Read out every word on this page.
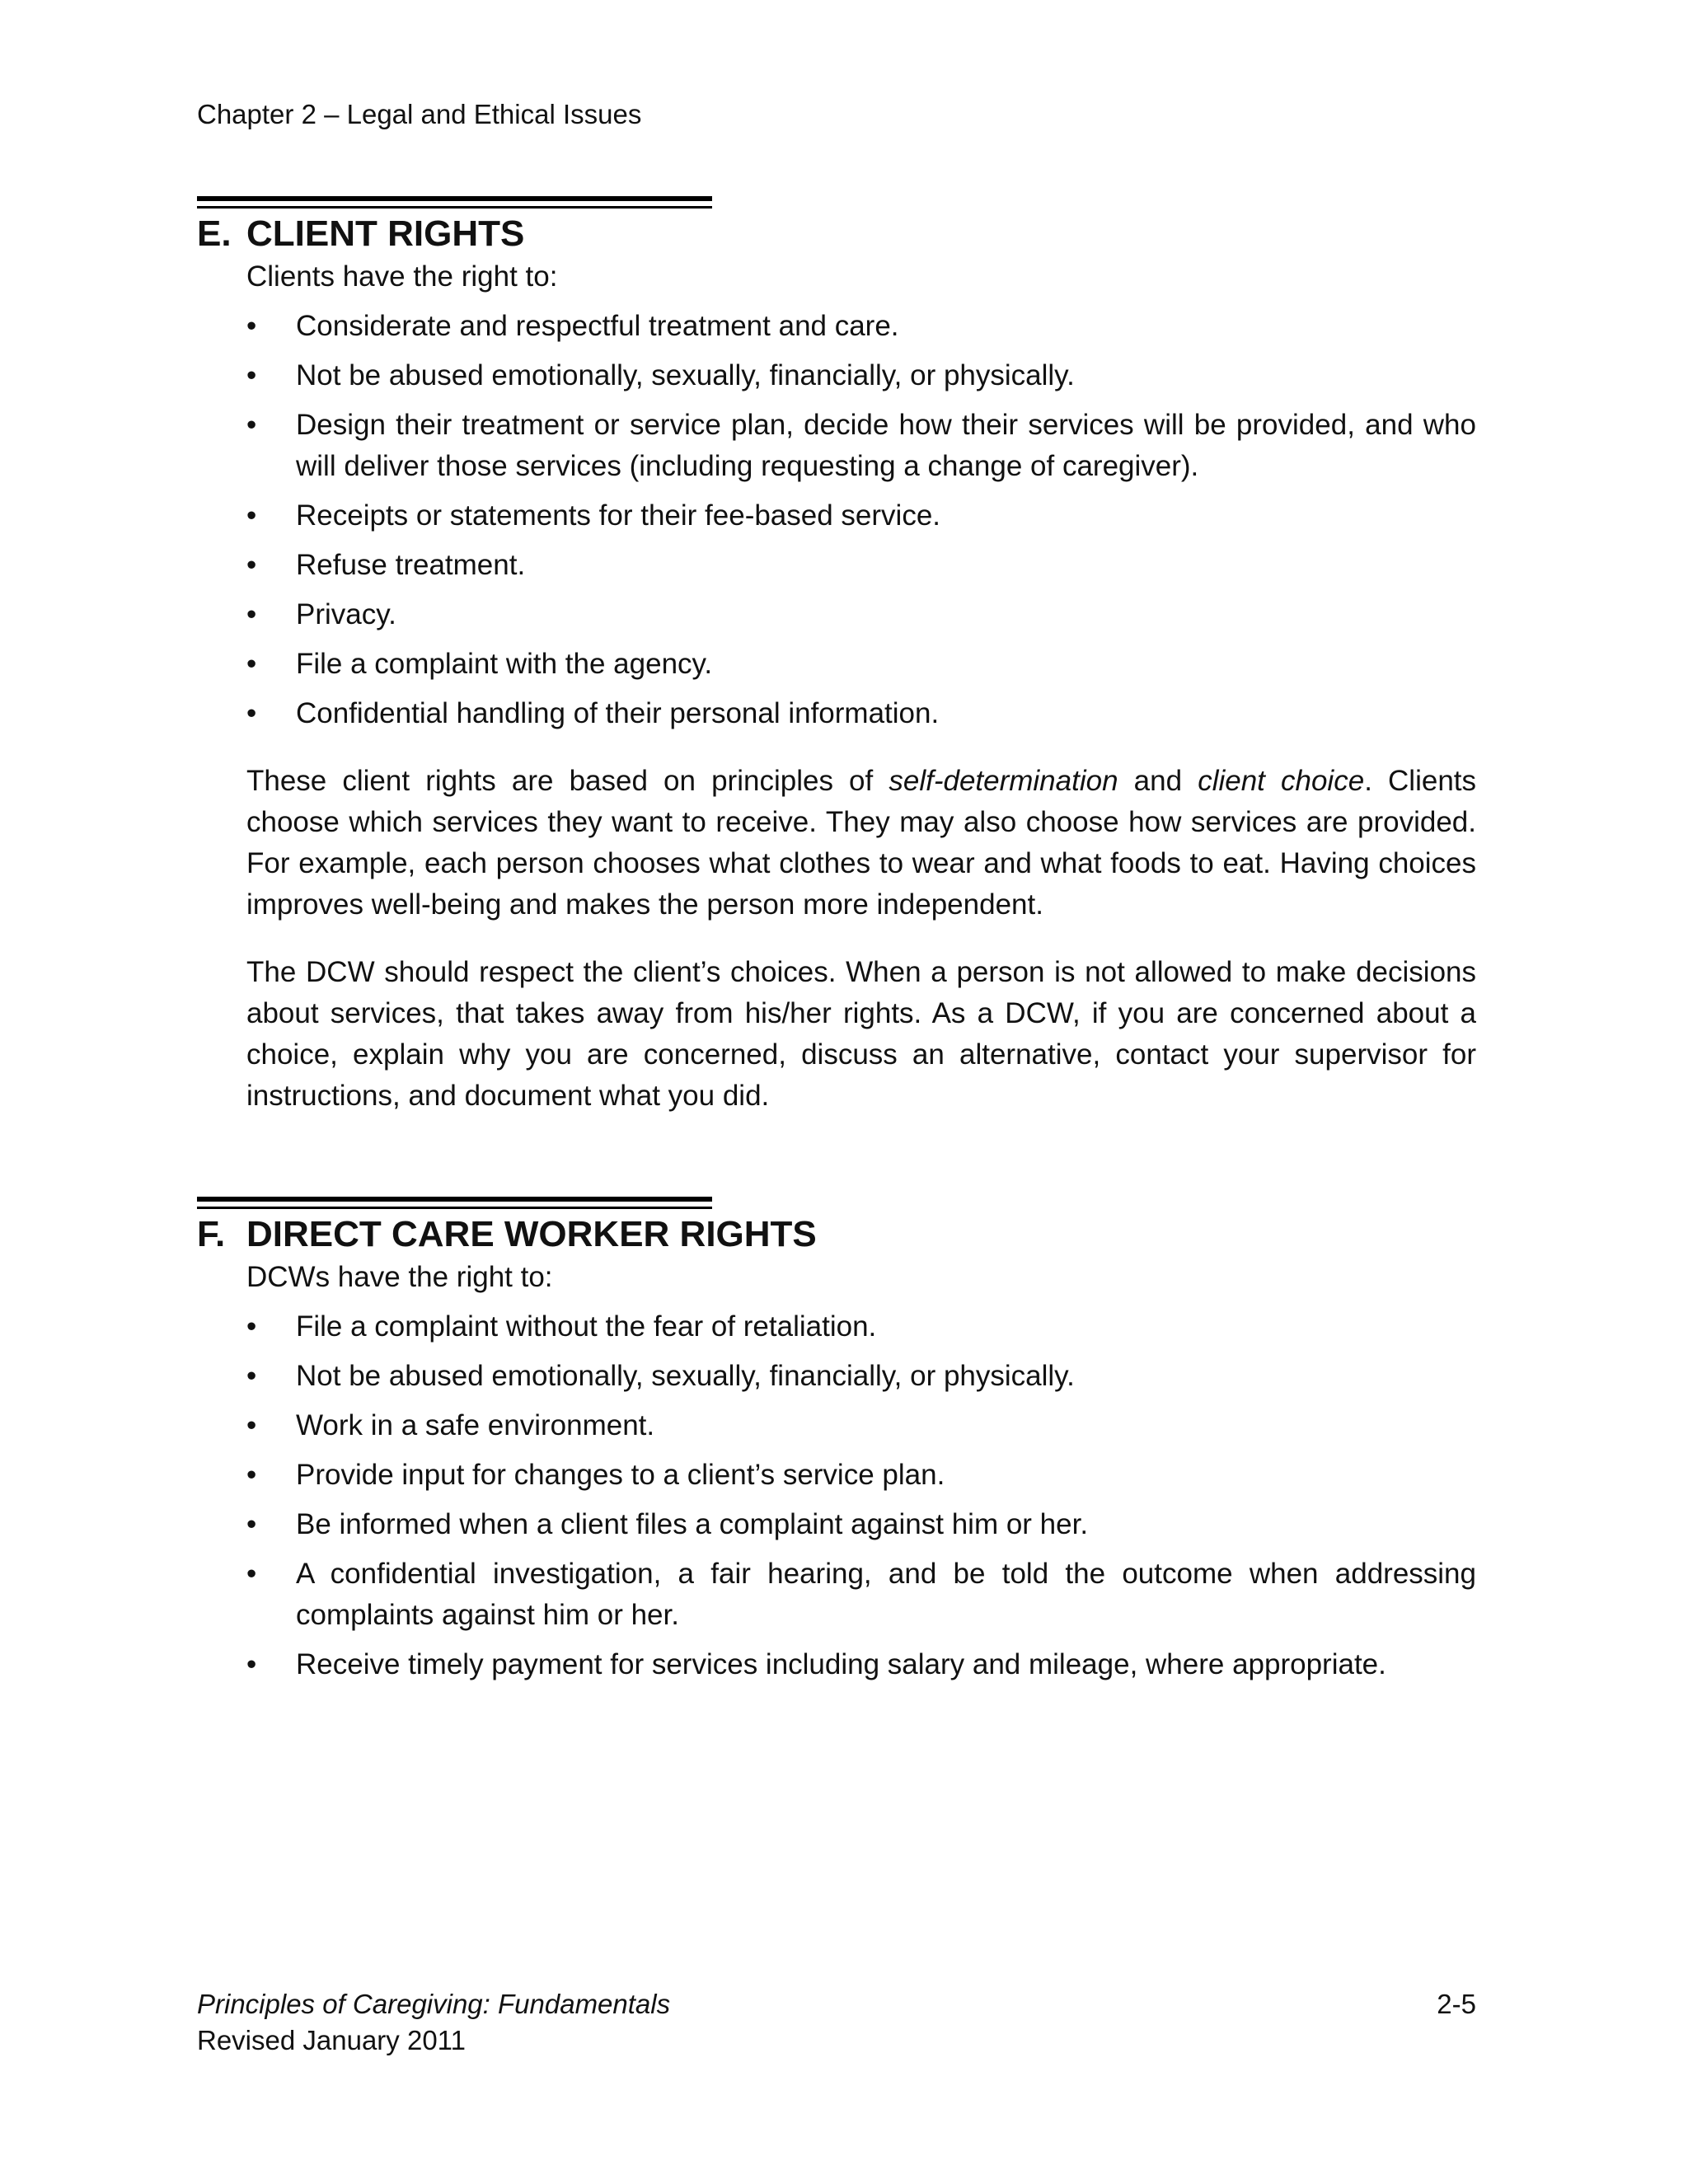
Chapter 2 – Legal and Ethical Issues
E. CLIENT RIGHTS

Clients have the right to:

•	Considerate and respectful treatment and care.
•	Not be abused emotionally, sexually, financially, or physically.
•	Design their treatment or service plan, decide how their services will be provided, and who will deliver those services (including requesting a change of caregiver).
•	Receipts or statements for their fee-based service.
•	Refuse treatment.
•	Privacy.
•	File a complaint with the agency.
•	Confidential handling of their personal information.

These client rights are based on principles of self-determination and client choice. Clients choose which services they want to receive. They may also choose how services are provided. For example, each person chooses what clothes to wear and what foods to eat. Having choices improves well-being and makes the person more independent.

The DCW should respect the client’s choices. When a person is not allowed to make decisions about services, that takes away from his/her rights. As a DCW, if you are concerned about a choice, explain why you are concerned, discuss an alternative, contact your supervisor for instructions, and document what you did.

F. DIRECT CARE WORKER RIGHTS

DCWs have the right to:

•	File a complaint without the fear of retaliation.
•	Not be abused emotionally, sexually, financially, or physically.
•	Work in a safe environment.
•	Provide input for changes to a client’s service plan.
•	Be informed when a client files a complaint against him or her.
•	A confidential investigation, a fair hearing, and be told the outcome when addressing complaints against him or her.
•	Receive timely payment for services including salary and mileage, where appropriate.
Principles of Caregiving: Fundamentals
Revised January 2011
2-5
